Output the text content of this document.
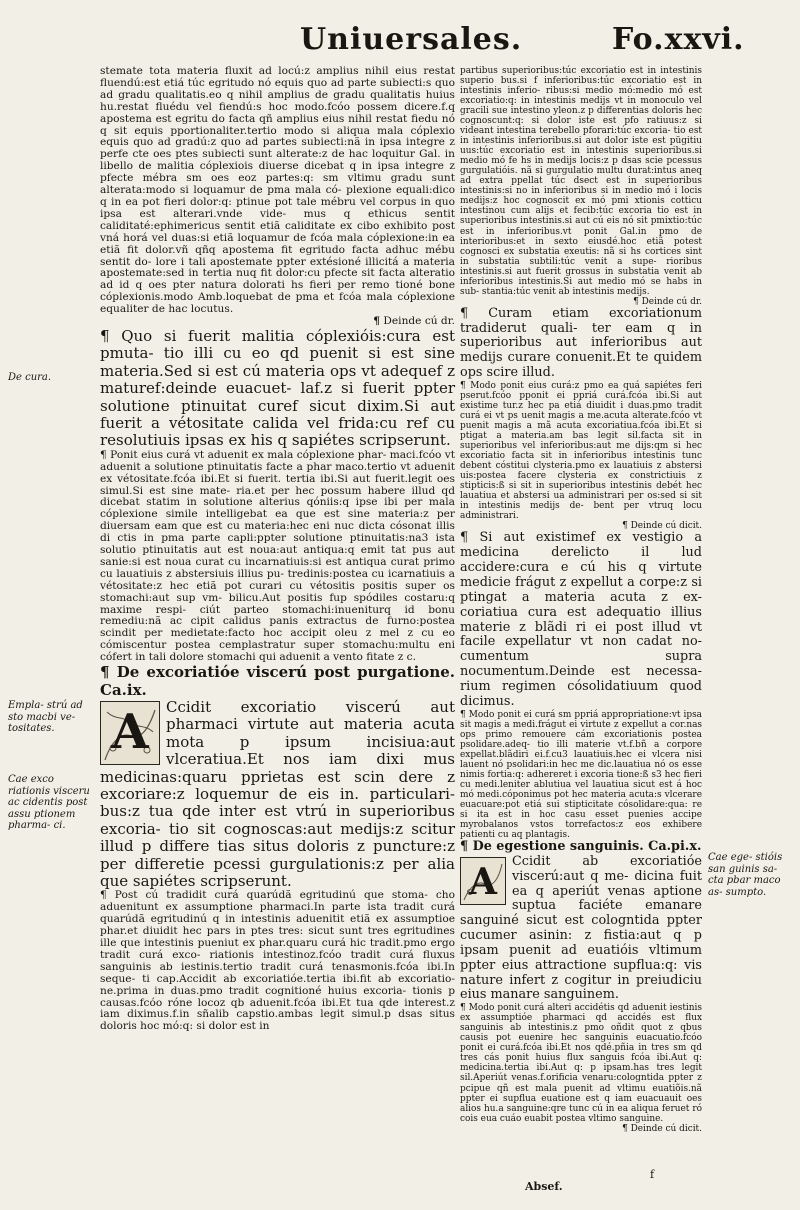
Uniuersales.	Fo.xxvi.
De cura.
Empla- strú ad sto macbi ve- tositates.
Cae exco riationis visceru ac cidentis post assu ptionem pharma- ci.
Cae ege- stióis san guinis sa- cta pbar maco as- sumpto.

stemate tota materia fluxit ad locú:z amplius nihil eius restat fluendú:est etiá túc egritudo nó equis quo ad parte subiecti:s quo ad gradu qualitatis.eo q nihil amplius de gradu qualitatis huius hu.restat fluédu vel fiendú:s hoc modo.fcóo possem dicere.f.q apostema est egritu do facta qñ amplius eius nihil restat fiedu nó q sit equis pportionaliter.tertio modo si aliqua mala cóplexio equis quo ad gradú:z quo ad partes subiecti:nã in ipsa integre z perfe cte oes ptes subiecti sunt alterate:z de hac loquitur Gal. in libello de malitia cóplexiois diuerse dicebat q in ipsa integre z pfecte mébra sm oes eoz partes:q: sm vltimu gradu sunt alterata:modo si loquamur de pma mala có- plexione equali:dico q in ea pot fieri dolor:q: ptinue pot tale mébru vel corpus in quo ipsa est alterari.vnde vide- mus q ethicus sentit caliditaté:ephimericus sentit etiã caliditate ex cibo exhibito post vná horá vel duas:si etiã loquamur de fcóa mala cóplexione:in ea etiã fit dolor.vñ qñq apostema fit egritudo facta adhuc mébu sentit do- lore i tali apostemate ppter extésioné illicitá a materia apostemate:sed in tertia nuq fit dolor:cu pfecte sit facta alteratio ad id q oes pter natura dolorati hs fieri per remo tioné bone cóplexionis.modo Amb.loquebat de pma et fcóa mala cóplexione equaliter de hac locutus.

¶ Deinde cú dr.

¶ Quo si fuerit malitia cóplexióis:cura est pmuta- tio illi cu eo qd puenit si est sine materia.Sed si est cú materia ops vt adequef z maturef:deinde euacuet- laf.z si fuerit ppter solutione ptinuitat curef sicut dixim.Si aut fuerit a vétositate calida vel frida:cu ref cu resolutiuis ipsas ex his q sapiétes scripserunt.

¶ Ponit eius curá vt aduenit ex mala cóplexione phar- maci.fcóo vt aduenit a solutione ptinuitatis facte a phar maco.tertio vt aduenit ex vétositate.fcóa ibi.Et si fuerit. tertia ibi.Si aut fuerit.legit oes simul.Si est sine mate- ria.et per hec possum habere illud qd dicebat statim in solutione alterius qóniis:q ipse ibi per mala cóplexione simile intelligebat ea que est sine materia:z per diuersam eam que est cu materia:hec eni nuc dicta cósonat illis di ctis in pma parte capli:ppter solutione ptinuitatis:na3 ista solutio ptinuitatis aut est noua:aut antiqua:q emit tat pus aut sanie:si est noua curat cu incarnatiuis:si est antiqua curat primo cu lauatiuis z abstersiuis illius pu- tredinis:postea cu icarnatiuis a vétositate:z hec etiã pot curari cu vétositis positis super os stomachi:aut sup vm- bilicu.Aut positis fup spódiles costaru:q maxime respi- ciút parteo stomachi:inueniturq id bonu remediu:nã ac cipit calidus panis extractus de furno:postea scindit per medietate:facto hoc accipit oleu z mel z cu eo cómiscentur postea cemplastratur super stomachu:multu eni cófert in tali dolore stomachi qui aduenit a vento fitate z c.

¶ De excoriatióe viscerú post purgatione. Ca.ix.

A	Ccidit excoriatio viscerú aut pharmaci virtute aut materia acuta mota p ipsum incisiua:aut vlceratiua.Et nos iam dixi mus medicinas:quaru pprietas est scin dere z excoriare:z loquemur de eis in. particulari- bus:z tua qde inter est vtrú in superioribus excoria- tio sit cognoscas:aut medijs:z scitur illud p differe tias situs doloris z puncture:z per differetie pcessi gurgulationis:z per alia que sapiétes scripserunt.

¶ Post cú tradidit curá quarúdã egritudinú que stoma- cho aduenitunt ex assumptione pharmaci.In parte ista tradit curá quarúdã egritudinú q in intestinis aduenitit etiã ex assumptioe phar.et diuidit hec pars in ptes tres: sicut sunt tres egritudines ille que intestinis pueniut ex phar.quaru curá hic tradit.pmo ergo tradit curá exco- riationis intestinoz.fcóo tradit curá fluxus sanguinis ab iestinis.tertio tradit curá tenasmonis.fcóa ibi.In seque- ti cap.Accidit ab excoriatióe.tertia ibi.fit ab excoriatio- ne.prima in duas.pmo tradit cognitioné huius excoria- tionis p causas.fcóo róne locoz qb aduenit.fcóa ibi.Et tua qde interest.z iam diximus.f.in sñalib capstio.ambas legit simul.p dsas situs doloris hoc mó:q: si dolor est in

partibus superioribus:túc excoriatio est in intestinis superio bus.si f inferioribus:túc excoriatio est in intestinis inferio- ribus:si medio mó:medio mó est excoriatio:q: in intestinis medijs vt in monoculo vel gracili sue intestino yleon.z p differentias doloris hec cognoscunt:q: si dolor iste est pfo ratiuus:z si videant intestina terebello pforari:túc excoria- tio est in intestinis inferioribus.si aut dolor iste est pügitiu uus:túc excoriatio est in intestinis superioribus.si medio mó fe hs in medijs locis:z p dsas scie pcessus gurgulatióis. nã si gurgulatio multu durat:intus aneq ad extra ppellat túc dsect est in superioribus intestinis:si no in inferioribus si in medio mó i locis medijs:z hoc cognoscit ex mó pmi xtionis cotticu intestinou cum alijs et fecib:túc excoria tio est in superioribus intestinis.si aut cú eis nó sit pmixtio:túc est in inferioribus.vt ponit Gal.in pmo de interioribus:et in sexto eiusdé.hoc etiã potest cognosci ex substatia exeutis: nã si hs cortices sint in substatia subtili:túc venit a supe- rioribus intestinis.si aut fuerit grossus in substatia venit ab inferioribus intestinis.Si aut medio mó se habs in sub- stantia:túc venit ab intestinis medijs.

¶ Deinde cú dr.

¶ Curam etiam excoriationum tradiderut quali- ter eam q in superioribus aut inferioribus aut medijs curare conuenit.Et te quidem ops scire illud.

¶ Modo ponit eius curá:z pmo ea quá sapiétes feri pserut.fcóo pponit ei ppriá curá.fcóa ibi.Si aut existime tur.z hec pa etiá diuidit i duas.pmo tradit curá ei vt ps uenit magis a me.acuta alterate.fcóo vt puenit magis a mã acuta excoriatiua.fcóa ibi.Et si ptigat a materia.am bas legit sil.facta sit in superioribus vel inferioribus:aut me dijs:qm si hec excoriatio facta sit in inferioribus intestinis tunc debent cóstitui clysteria.pmo ex lauatiuis z abstersi uis:postea facere clysteria ex constrictiuis z stipticis:ß si sit in superioribus intestinis debét hec lauatiua et abstersi ua administrari per os:sed si sit in intestinis medijs de- bent per vtruq locu administrari.

¶ Deinde cú dicit.

¶ Si aut existimef ex vestigio a medicina derelicto il lud accidere:cura e cú his q virtute medicie frágut z expellut a corpe:z si ptingat a materia acuta z ex- coriatiua cura est adequatio illius materie z blãdi ri ei post illud vt facile expellatur vt non cadat no- cumentum supra nocumentum.Deinde est necessa- rium regimen cósolidatiuum quod dicimus.

¶ Modo ponit ei curá sm ppriá appropriatione:vt ipsa sit magis a medi.frágut ei virtute z expellut a cor.nas ops primo remouere cám excoriationis postea psolidare.adeq- tio illi materie vt.f.bñ a corpore expellat.blãdiri ei.f.cu3 lauatiuis.hec ei vlcera nisi lauent nó psolidari:in hec me dic.lauatiua nó os esse nimis fortia:q: adhereret i excoria tione:ß s3 hec fieri cu medi.leniter ablutiua vel lauatiua sicut est á hoc mó medi.cóponimus pot hec materia acuta:s vlcerare euacuare:pot etiá sui stipticitate cósolidare:qua: re si ita est in hoc casu esset puenies accipe myrobalanos vstos torrefactos:z eos exhibere patienti cu aq plantagis.

¶ De egestione sanguinis. Ca.pi.x.

A	Ccidit ab excoriatióe viscerú:aut q me- dicina fuit ea q aperiút venas aptione suptua faciéte emanare sanguiné sicut est cologntida ppter cucumer asinin: z fistia:aut q p ipsam puenit ad euatióis vltimum ppter eius attractione supflua:q: vis nature infert z cogitur in preiudiciu eius manare sanguinem.

¶ Modo ponit curá alteri accidétis qd aduenit iestinis ex assumptióe pharmaci qd accidés est flux sanguinis ab intestinis.z pmo oñdit quot z qbus causis pot euenire hec sanguinis euacuatio.fcóo ponit ei curá.fcóa ibi.Et nos qdé.pñia in tres sm qd tres cás ponit huius flux sanguis fcóa ibi.Aut q: medicina.tertia ibi.Aut q: p ipsam.has tres legit sil.Aperiút venas.f.orificia venaru:cologntida ppter z pcipue qñ est mala puenit ad vltimu euatiõis.nã ppter ei supflua euatione est q iam euacuauit oes alios hu.a sanguine:qre tunc cú in ea aliqua feruet ró cois eua cuáo euabit postea vltimo sanguine.

¶ Deinde cú dicit.

Absef.
f
